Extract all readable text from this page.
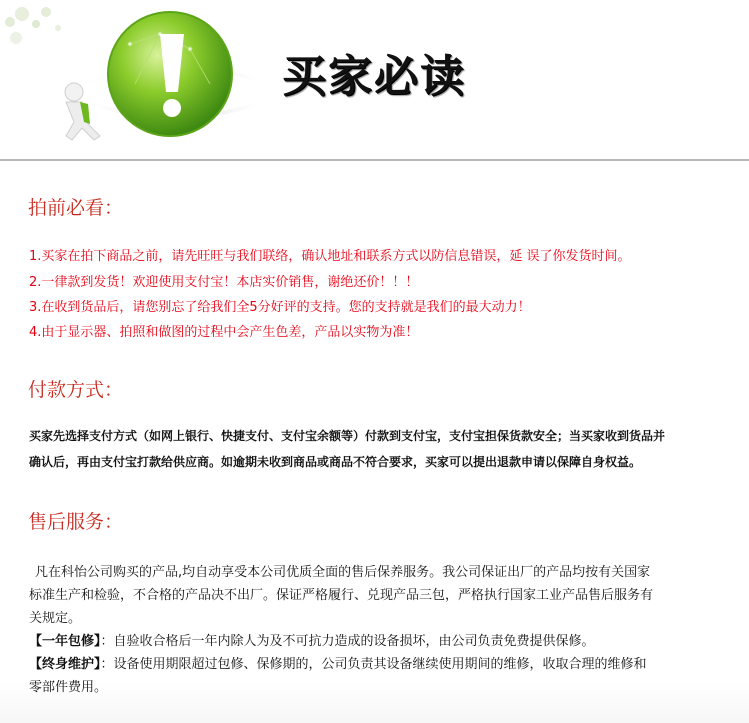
买家必读
拍前必看：
1.买家在拍下商品之前，请先旺旺与我们联络，确认地址和联系方式以防信息错误，延 误了你发货时间。
2.一律款到发货！欢迎使用支付宝！本店实价销售，谢绝还价！！！
3.在收到货品后，请您别忘了给我们全5分好评的支持。您的支持就是我们的最大动力！
4.由于显示器、拍照和做图的过程中会产生色差，产品以实物为准！
付款方式：
买家先选择支付方式（如网上银行、快捷支付、支付宝余额等）付款到支付宝，支付宝担保货款安全；当买家收到货品并
确认后，再由支付宝打款给供应商。如逾期未收到商品或商品不符合要求，买家可以提出退款申请以保障自身权益。
售后服务：
凡在科怡公司购买的产品,均自动享受本公司优质全面的售后保养服务。我公司保证出厂的产品均按有关国家
标准生产和检验，不合格的产品决不出厂。保证严格履行、兑现产品三包，严格执行国家工业产品售后服务有
关规定。
【一年包修】：自验收合格后一年内除人为及不可抗力造成的设备损坏，由公司负责免费提供保修。
【终身维护】：设备使用期限超过包修、保修期的，公司负责其设备继续使用期间的维修，收取合理的维修和
零部件费用。
